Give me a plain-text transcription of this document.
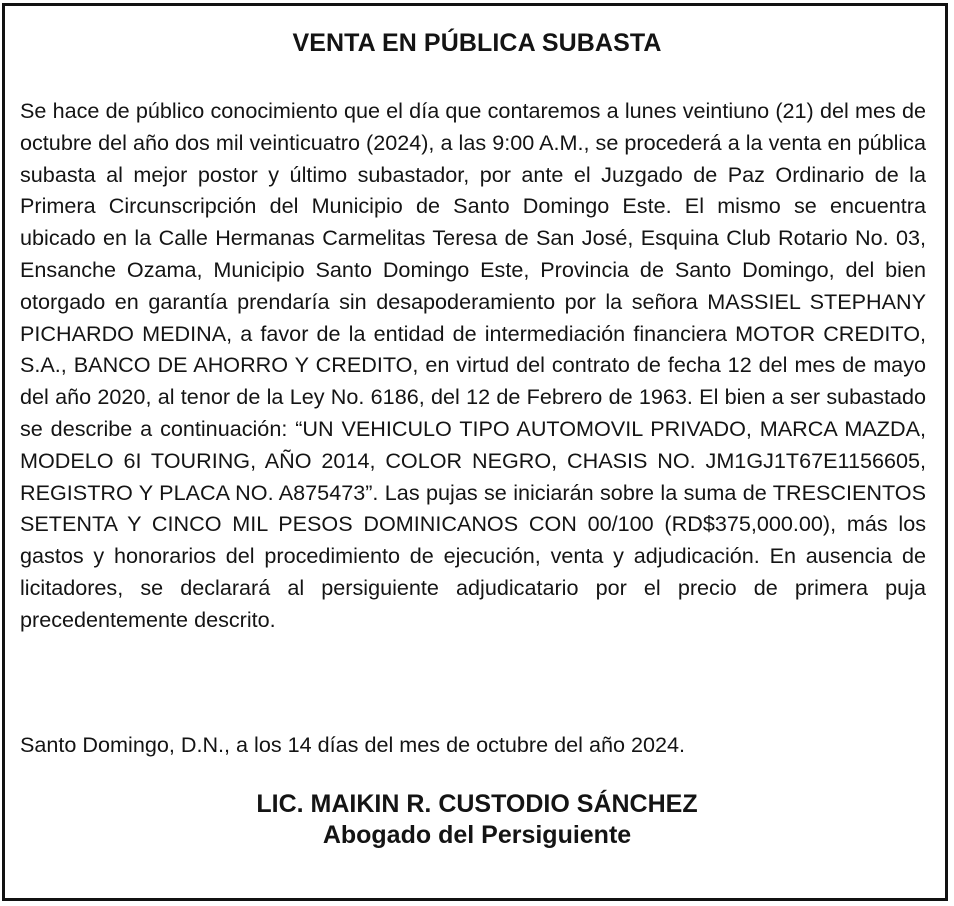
VENTA EN PÚBLICA SUBASTA

Se hace de público conocimiento que el día que contaremos a lunes veintiuno (21) del mes de octubre del año dos mil veinticuatro (2024), a las 9:00 A.M., se procederá a la venta en pública subasta al mejor postor y último subastador, por ante el Juzgado de Paz Ordinario de la Primera Circunscripción del Municipio de Santo Domingo Este. El mismo se encuentra ubicado en la Calle Hermanas Carmelitas Teresa de San José, Esquina Club Rotario No. 03, Ensanche Ozama, Municipio Santo Domingo Este, Provincia de Santo Domingo, del bien otorgado en garantía prendaría sin desapoderamiento por la señora MASSIEL STEPHANY PICHARDO MEDINA, a favor de la entidad de intermediación financiera MOTOR CREDITO, S.A., BANCO DE AHORRO Y CREDITO, en virtud del contrato de fecha 12 del mes de mayo del año 2020, al tenor de la Ley No. 6186, del 12 de Febrero de 1963. El bien a ser subastado se describe a continuación: “UN VEHICULO TIPO AUTOMOVIL PRIVADO, MARCA MAZDA, MODELO 6I TOURING, AÑO 2014, COLOR NEGRO, CHASIS NO. JM1GJ1T67E1156605, REGISTRO Y PLACA NO. A875473”. Las pujas se iniciarán sobre la suma de TRESCIENTOS SETENTA Y CINCO MIL PESOS DOMINICANOS CON 00/100 (RD$375,000.00), más los gastos y honorarios del procedimiento de ejecución, venta y adjudicación. En ausencia de licitadores, se declarará al persiguiente adjudicatario por el precio de primera puja precedentemente descrito.

Santo Domingo, D.N., a los 14 días del mes de octubre del año 2024.

LIC. MAIKIN R. CUSTODIO SÁNCHEZ
Abogado del Persiguiente
